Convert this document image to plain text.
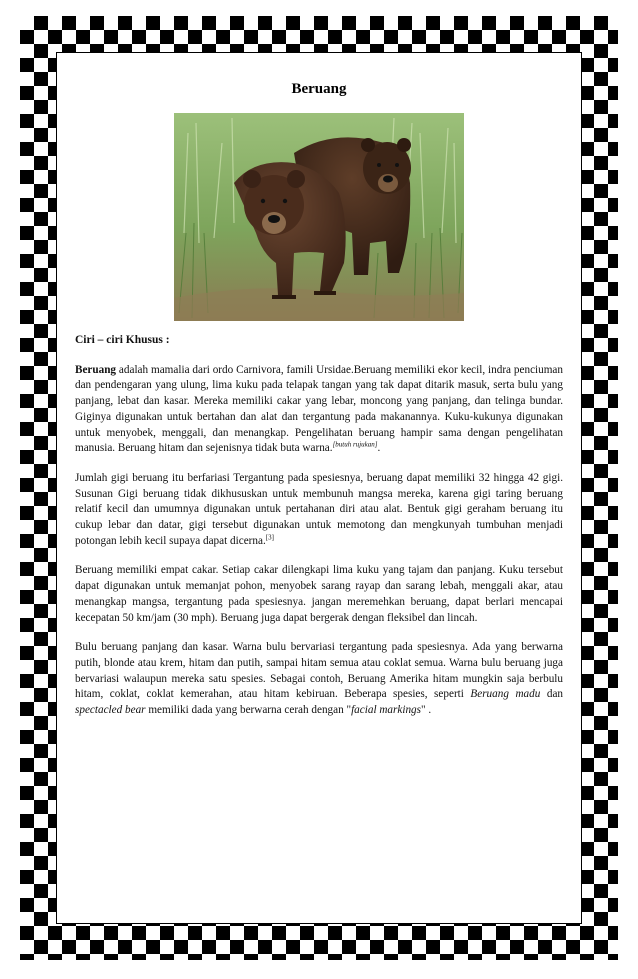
Beruang

Ciri – ciri Khusus :

Beruang adalah mamalia dari ordo Carnivora, famili Ursidae.Beruang memiliki ekor kecil, indra penciuman dan pendengaran yang ulung, lima kuku pada telapak tangan yang tak dapat ditarik masuk, serta bulu yang panjang, lebat dan kasar. Mereka memiliki cakar yang lebar, moncong yang panjang, dan telinga bundar. Giginya digunakan untuk bertahan dan alat dan tergantung pada makanannya. Kuku-kukunya digunakan untuk menyobek, menggali, dan menangkap. Pengelihatan beruang hampir sama dengan pengelihatan manusia. Beruang hitam dan sejenisnya tidak buta warna.[butuh rujukan].

Jumlah gigi beruang itu berfariasi Tergantung pada spesiesnya, beruang dapat memiliki 32 hingga 42 gigi. Susunan Gigi beruang tidak dikhususkan untuk membunuh mangsa mereka, karena gigi taring beruang relatif kecil dan umumnya digunakan untuk pertahanan diri atau alat. Bentuk gigi geraham beruang itu cukup lebar dan datar, gigi tersebut digunakan untuk memotong dan mengkunyah tumbuhan menjadi potongan lebih kecil supaya dapat dicerna.[3]

Beruang memiliki empat cakar. Setiap cakar dilengkapi lima kuku yang tajam dan panjang. Kuku tersebut dapat digunakan untuk memanjat pohon, menyobek sarang rayap dan sarang lebah, menggali akar, atau menangkap mangsa, tergantung pada spesiesnya. jangan meremehkan beruang, dapat berlari mencapai kecepatan 50 km/jam (30 mph). Beruang juga dapat bergerak dengan fleksibel dan lincah.

Bulu beruang panjang dan kasar. Warna bulu bervariasi tergantung pada spesiesnya. Ada yang berwarna putih, blonde atau krem, hitam dan putih, sampai hitam semua atau coklat semua. Warna bulu beruang juga bervariasi walaupun mereka satu spesies. Sebagai contoh, Beruang Amerika hitam mungkin saja berbulu hitam, coklat, coklat kemerahan, atau hitam kebiruan. Beberapa spesies, seperti Beruang madu dan spectacled bear memiliki dada yang berwarna cerah dengan "facial markings" .
